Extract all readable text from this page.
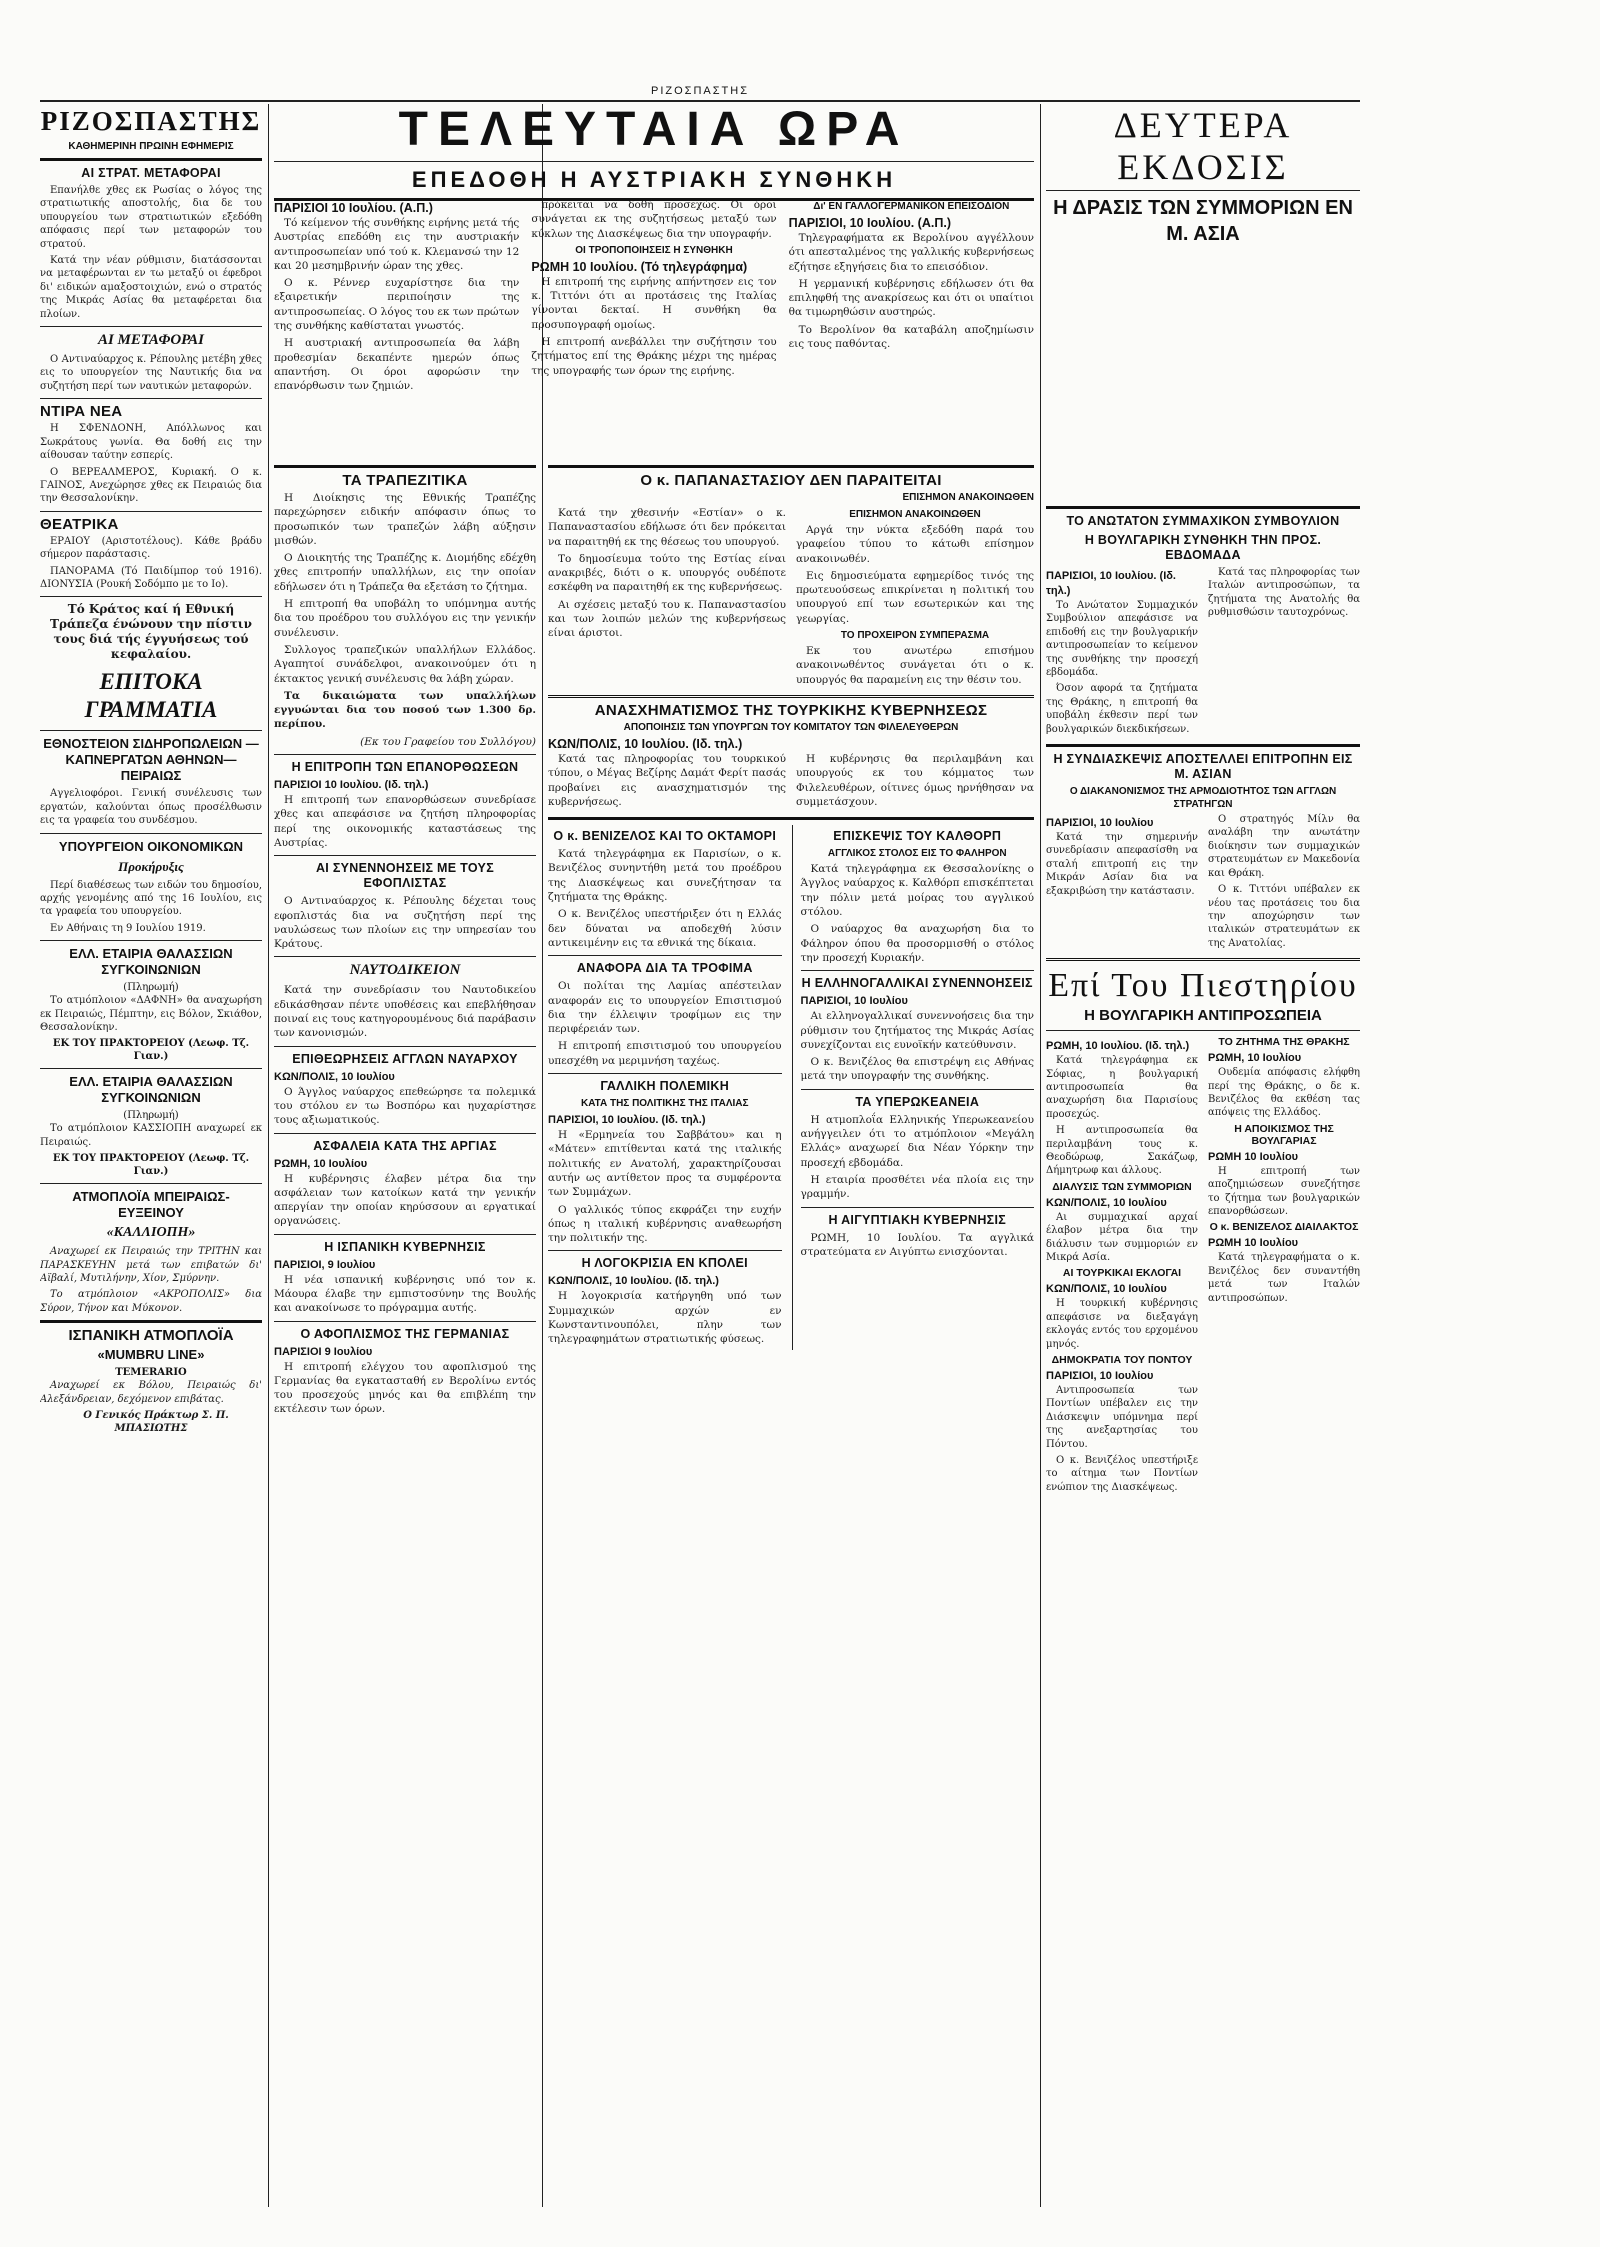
ΡΙΖΟΣΠΑΣΤΗΣ
ΡΙΖΟΣΠΑΣΤΗΣ
ΚΑΘΗΜΕΡΙΝΗ ΠΡΩΙΝΗ ΕΦΗΜΕΡΙΣ
ΑΙ ΣΤΡΑΤ. ΜΕΤΑΦΟΡΑΙ

Επανήλθε χθες εκ Ρωσίας ο λόγος της στρατιωτικής αποστολής, δια δε του υπουργείου των στρατιωτικών εξεδόθη απόφασις περί των μεταφορών του στρατού.

Κατά την νέαν ρύθμισιν, διατάσσονται να μεταφέρωνται εν τω μεταξύ οι έφεδροι δι' ειδικών αμαξοστοιχιών, ενώ ο στρατός της Μικράς Ασίας θα μεταφέρεται δια πλοίων.

ΑΙ ΜΕΤΑΦΟΡΑΙ

Ο Αντιναύαρχος κ. Ρέπουλης μετέβη χθες εις το υπουργείον της Ναυτικής δια να συζητήση περί των ναυτικών μεταφορών.

ΝΤΙΡΑ ΝΕΑ

Η ΣΦΕΝΔΟΝΗ, Απόλλωνος και Σωκράτους γωνία. Θα δοθή εις την αίθουσαν ταύτην εσπερίς.

Ο ΒΕΡΕΑΛΜΕΡΟΣ, Κυριακή. Ο κ. ΓΑΙΝΟΣ, Ανεχώρησε χθες εκ Πειραιώς δια την Θεσσαλονίκην.

ΘΕΑΤΡΙΚΑ

ΕΡΑΙΟΥ (Αριστοτέλους). Κάθε βράδυ σήμερον παράστασις.

ΠΑΝΟΡΑΜΑ (Τό Παιδίμπορ τού 1916). ΔΙΟΝΥΣΙΑ (Ρουκή Σοδόμπο με το Ιο).

Τό Κράτος καί ή Εθνική Τράπεζα ένώνουν την πίστιν τους διά τής έγγυήσεως τού κεφαλαίου.

ΕΠΙΤΟΚΑ ΓΡΑΜΜΑΤΙΑ
ΕΘΝΟΣΤΕΙΟΝ ΣΙΔΗΡΟΠΩΛΕΙΩΝ — ΚΑΠΝΕΡΓΑΤΩΝ ΑΘΗΝΩΝ—ΠΕΙΡΑΙΩΣ

Αγγελιοφόροι. Γενική συνέλευσις των εργατών, καλούνται όπως προσέλθωσιν εις τα γραφεία του συνδέσμου.

ΥΠΟΥΡΓΕΙΟΝ ΟΙΚΟΝΟΜΙΚΩΝ
Προκήρυξις

Περί διαθέσεως των ειδών του δημοσίου, αρχής γενομένης από της 16 Ιουλίου, εις τα γραφεία του υπουργείου.

Εν Αθήναις τη 9 Ιουλίου 1919.

ΕΛΛ. ΕΤΑΙΡΙΑ ΘΑΛΑΣΣΙΩΝ ΣΥΓΚΟΙΝΩΝΙΩΝ
(Πληρωμή)

Το ατμόπλοιον «ΔΑΦΝΗ» θα αναχωρήση εκ Πειραιώς, Πέμπτην, εις Βόλον, Σκιάθον, Θεσσαλονίκην.

ΕΚ ΤΟΥ ΠΡΑΚΤΟΡΕΙΟΥ (Λεωφ. Τζ. Γιαν.)
ΕΛΛ. ΕΤΑΙΡΙΑ ΘΑΛΑΣΣΙΩΝ ΣΥΓΚΟΙΝΩΝΙΩΝ
(Πληρωμή)

Το ατμόπλοιον ΚΑΣΣΙΟΠΗ αναχωρεί εκ Πειραιώς.

ΕΚ ΤΟΥ ΠΡΑΚΤΟΡΕΙΟΥ (Λεωφ. Τζ. Γιαν.)
ΑΤΜΟΠΛΟΪΑ ΜΠΕΙΡΑΙΩΣ-ΕΥΞΕΙΝΟΥ
«ΚΑΛΛΙΟΠΗ»

Αναχωρεί εκ Πειραιώς την ΤΡΙΤΗΝ και ΠΑΡΑΣΚΕΥΗΝ μετά των επιβατών δι' Αϊβαλί, Μυτιλήνην, Χίον, Σμύρνην.

Το ατμόπλοιον «ΑΚΡΟΠΟΛΙΣ» δια Σύρον, Τήνον και Μύκονον.

ΙΣΠΑΝΙΚΗ ΑΤΜΟΠΛΟΪΑ
«MUMBRU LINE»
TEMERARIO

Αναχωρεί εκ Βόλου, Πειραιώς δι' Αλεξάνδρειαν, δεχόμενον επιβάτας.

Ο Γενικός Πράκτωρ Σ. Π. ΜΠΑΣΙΩΤΗΣ

ΤΕΛΕΥΤΑΙΑ ΩΡΑ
ΕΠΕΔΟΘΗ Η ΑΥΣΤΡΙΑΚΗ ΣΥΝΘΗΚΗ
ΠΑΡΙΣΙΟΙ 10 Ιουλίου. (Α.Π.)

Τό κείμενον τής συνθήκης ειρήνης μετά τής Αυστρίας επεδόθη εις την αυστριακήν αντιπροσωπείαν υπό τού κ. Κλεμανσώ την 12 και 20 μεσημβρινήν ώραν της χθες.

Ο κ. Ρέννερ ευχαρίστησε δια την εξαιρετικήν περιποίησιν της αντιπροσωπείας. Ο λόγος του εκ των πρώτων της συνθήκης καθίσταται γνωστός.

Η αυστριακή αντιπροσωπεία θα λάβη προθεσμίαν δεκαπέντε ημερών όπως απαντήση. Οι όροι αφορώσιν την επανόρθωσιν των ζημιών.

πρόκειται να δοθή προσεχώς. Οι όροι συνάγεται εκ της συζητήσεως μεταξύ των κύκλων της Διασκέψεως δια την υπογραφήν.

ΟΙ ΤΡΟΠΟΠΟΙΗΣΕΙΣ Η ΣΥΝΘΗΚΗ
ΡΩΜΗ 10 Ιουλίου. (Τό τηλεγράφημα)

Η επιτροπή της ειρήνης απήντησεν εις τον κ. Τιττόνι ότι αι προτάσεις της Ιταλίας γίνονται δεκταί. Η συνθήκη θα προσυπογραφή ομοίως.

Η επιτροπή ανεβάλλει την συζήτησιν του ζητήματος επί της Θράκης μέχρι της ημέρας της υπογραφής των όρων της ειρήνης.

Δι' ΕΝ ΓΑΛΛΟΓΕΡΜΑΝΙΚΟΝ ΕΠΕΙΣΟΔΙΟΝ
ΠΑΡΙΣΙΟΙ, 10 Ιουλίου. (Α.Π.)

Τηλεγραφήματα εκ Βερολίνου αγγέλλουν ότι απεσταλμένος της γαλλικής κυβερνήσεως εζήτησε εξηγήσεις δια το επεισόδιον.

Η γερμανική κυβέρνησις εδήλωσεν ότι θα επιληφθή της ανακρίσεως και ότι οι υπαίτιοι θα τιμωρηθώσιν αυστηρώς.

Το Βερολίνον θα καταβάλη αποζημίωσιν εις τους παθόντας.

ΤΑ ΤΡΑΠΕΖΙΤΙΚΑ

Η Διοίκησις της Εθνικής Τραπέζης παρεχώρησεν ειδικήν απόφασιν όπως το προσωπικόν των τραπεζών λάβη αύξησιν μισθών.

Ο Διοικητής της Τραπέζης κ. Διομήδης εδέχθη χθες επιτροπήν υπαλλήλων, εις την οποίαν εδήλωσεν ότι η Τράπεζα θα εξετάση το ζήτημα.

Η επιτροπή θα υποβάλη το υπόμνημα αυτής δια του προέδρου του συλλόγου εις την γενικήν συνέλευσιν.

Συλλογος τραπεζικών υπαλλήλων Ελλάδος. Αγαπητοί συνάδελφοι, ανακοινούμεν ότι η έκτακτος γενική συνέλευσις θα λάβη χώραν.

Τα δικαιώματα των υπαλλήλων εγγυώνται δια του ποσού των 1.300 δρ. περίπου.

(Εκ του Γραφείου του Συλλόγου)

Η ΕΠΙΤΡΟΠΗ ΤΩΝ ΕΠΑΝΟΡΘΩΣΕΩΝ
ΠΑΡΙΣΙΟΙ 10 Ιουλίου. (Ιδ. τηλ.)

Η επιτροπή των επανορθώσεων συνεδρίασε χθες και απεφάσισε να ζητήση πληροφορίας περί της οικονομικής καταστάσεως της Αυστρίας.

ΑΙ ΣΥΝΕΝΝΟΗΣΕΙΣ ΜΕ ΤΟΥΣ ΕΦΟΠΛΙΣΤΑΣ

Ο Αντιναύαρχος κ. Ρέπουλης δέχεται τους εφοπλιστάς δια να συζητήση περί της ναυλώσεως των πλοίων εις την υπηρεσίαν του Κράτους.

ΝΑΥΤΟΔΙΚΕΙΟΝ

Κατά την συνεδρίασιν του Ναυτοδικείου εδικάσθησαν πέντε υποθέσεις και επεβλήθησαν ποιναί εις τους κατηγορουμένους διά παράβασιν των κανονισμών.

ΕΠΙΘΕΩΡΗΣΕΙΣ ΑΓΓΛΩΝ ΝΑΥΑΡΧΟΥ
ΚΩΝ/ΠΟΛΙΣ, 10 Ιουλίου

Ο Άγγλος ναύαρχος επεθεώρησε τα πολεμικά του στόλου εν τω Βοσπόρω και ηυχαρίστησε τους αξιωματικούς.

ΑΣΦΑΛΕΙΑ ΚΑΤΑ ΤΗΣ ΑΡΓΙΑΣ
ΡΩΜΗ, 10 Ιουλίου

Η κυβέρνησις έλαβεν μέτρα δια την ασφάλειαν των κατοίκων κατά την γενικήν απεργίαν την οποίαν κηρύσσουν αι εργατικαί οργανώσεις.

Η ΙΣΠΑΝΙΚΗ ΚΥΒΕΡΝΗΣΙΣ
ΠΑΡΙΣΙΟΙ, 9 Ιουλίου

Η νέα ισπανική κυβέρνησις υπό τον κ. Μάουρα έλαβε την εμπιστοσύνην της Βουλής και ανακοίνωσε το πρόγραμμα αυτής.

Ο ΑΦΟΠΛΙΣΜΟΣ ΤΗΣ ΓΕΡΜΑΝΙΑΣ
ΠΑΡΙΣΙΟΙ 9 Ιουλίου

Η επιτροπή ελέγχου του αφοπλισμού της Γερμανίας θα εγκατασταθή εν Βερολίνω εντός του προσεχούς μηνός και θα επιβλέπη την εκτέλεσιν των όρων.

Ο κ. ΠΑΠΑΝΑΣΤΑΣΙΟΥ ΔΕΝ ΠΑΡΑΙΤΕΙΤΑΙ
ΕΠΙΣΗΜΟΝ ΑΝΑΚΟΙΝΩΘΕΝ

Κατά την χθεσινήν «Εστίαν» ο κ. Παπαναστασίου εδήλωσε ότι δεν πρόκειται να παραιτηθή εκ της θέσεως του υπουργού.

Το δημοσίευμα τούτο της Εστίας είναι ανακριβές, διότι ο κ. υπουργός ουδέποτε εσκέφθη να παραιτηθή εκ της κυβερνήσεως.

Αι σχέσεις μεταξύ του κ. Παπαναστασίου και των λοιπών μελών της κυβερνήσεως είναι άριστοι.

ΕΠΙΣΗΜΟΝ ΑΝΑΚΟΙΝΩΘΕΝ

Αργά την νύκτα εξεδόθη παρά του γραφείου τύπου το κάτωθι επίσημον ανακοινωθέν.

Εις δημοσιεύματα εφημερίδος τινός της πρωτευούσεως επικρίνεται η πολιτική του υπουργού επί των εσωτερικών και της γεωργίας.

ΤΟ ΠΡΟΧΕΙΡΟΝ ΣΥΜΠΕΡΑΣΜΑ

Εκ του ανωτέρω επισήμου ανακοινωθέντος συνάγεται ότι ο κ. υπουργός θα παραμείνη εις την θέσιν του.

ΑΝΑΣΧΗΜΑΤΙΣΜΟΣ ΤΗΣ ΤΟΥΡΚΙΚΗΣ ΚΥΒΕΡΝΗΣΕΩΣ
ΑΠΟΠΟΙΗΣΙΣ ΤΩΝ ΥΠΟΥΡΓΩΝ ΤΟΥ ΚΟΜΙΤΑΤΟΥ ΤΩΝ ΦΙΛΕΛΕΥΘΕΡΩΝ
ΚΩΝ/ΠΟΛΙΣ, 10 Ιουλίου. (Ιδ. τηλ.)

Κατά τας πληροφορίας του τουρκικού τύπου, ο Μέγας Βεζίρης Δαμάτ Φερίτ πασάς προβαίνει εις ανασχηματισμόν της κυβερνήσεως.

Η κυβέρνησις θα περιλαμβάνη και υπουργούς εκ του κόμματος των Φιλελευθέρων, οίτινες όμως ηρνήθησαν να συμμετάσχουν.

Ο κ. ΒΕΝΙΖΕΛΟΣ ΚΑΙ ΤΟ ΟΚΤΑΜΟΡΙ

Κατά τηλεγράφημα εκ Παρισίων, ο κ. Βενιζέλος συνηντήθη μετά του προέδρου της Διασκέψεως και συνεζήτησαν τα ζητήματα της Θράκης.

Ο κ. Βενιζέλος υπεστήριξεν ότι η Ελλάς δεν δύναται να αποδεχθή λύσιν αντικειμένην εις τα εθνικά της δίκαια.

ΑΝΑΦΟΡΑ ΔΙΑ ΤΑ ΤΡΟΦΙΜΑ

Οι πολίται της Λαμίας απέστειλαν αναφοράν εις το υπουργείον Επισιτισμού δια την έλλειψιν τροφίμων εις την περιφέρειάν των.

Η επιτροπή επισιτισμού του υπουργείου υπεσχέθη να μεριμνήση ταχέως.

ΓΑΛΛΙΚΗ ΠΟΛΕΜΙΚΗ
ΚΑΤΑ ΤΗΣ ΠΟΛΙΤΙΚΗΣ ΤΗΣ ΙΤΑΛΙΑΣ
ΠΑΡΙΣΙΟΙ, 10 Ιουλίου. (Ιδ. τηλ.)

Η «Ερμηνεία του Σαββάτου» και η «Μάτεν» επιτίθενται κατά της ιταλικής πολιτικής εν Ανατολή, χαρακτηρίζουσαι αυτήν ως αντίθετον προς τα συμφέροντα των Συμμάχων.

Ο γαλλικός τύπος εκφράζει την ευχήν όπως η ιταλική κυβέρνησις αναθεωρήση την πολιτικήν της.

Η ΛΟΓΟΚΡΙΣΙΑ ΕΝ ΚΠΟΛΕΙ
ΚΩΝ/ΠΟΛΙΣ, 10 Ιουλίου. (Ιδ. τηλ.)

Η λογοκρισία κατήργηθη υπό των Συμμαχικών αρχών εν Κωνσταντινουπόλει, πλην των τηλεγραφημάτων στρατιωτικής φύσεως.

ΕΠΙΣΚΕΨΙΣ ΤΟΥ ΚΑΛΘΟΡΠ
ΑΓΓΛΙΚΟΣ ΣΤΟΛΟΣ ΕΙΣ ΤΟ ΦΑΛΗΡΟΝ

Κατά τηλεγράφημα εκ Θεσσαλονίκης ο Άγγλος ναύαρχος κ. Καλθόρπ επισκέπτεται την πόλιν μετά μοίρας του αγγλικού στόλου.

Ο ναύαρχος θα αναχωρήση δια το Φάληρον όπου θα προσορμισθή ο στόλος την προσεχή Κυριακήν.

Η ΕΛΛΗΝΟΓΑΛΛΙΚΑΙ ΣΥΝΕΝΝΟΗΣΕΙΣ
ΠΑΡΙΣΙΟΙ, 10 Ιουλίου

Αι ελληνογαλλικαί συνεννοήσεις δια την ρύθμισιν του ζητήματος της Μικράς Ασίας συνεχίζονται εις ευνοϊκήν κατεύθυνσιν.

Ο κ. Βενιζέλος θα επιστρέψη εις Αθήνας μετά την υπογραφήν της συνθήκης.

ΤΑ ΥΠΕΡΩΚΕΑΝΕΙΑ

Η ατμοπλοΐα Ελληνικής Υπερωκεανείου ανήγγειλεν ότι το ατμόπλοιον «Μεγάλη Ελλάς» αναχωρεί δια Νέαν Υόρκην την προσεχή εβδομάδα.

Η εταιρία προσθέτει νέα πλοία εις την γραμμήν.

Η ΑΙΓΥΠΤΙΑΚΗ ΚΥΒΕΡΝΗΣΙΣ

ΡΩΜΗ, 10 Ιουλίου. Τα αγγλικά στρατεύματα εν Αιγύπτω ενισχύονται.

ΔΕΥΤΕΡΑ ΕΚΔΟΣΙΣ
Η ΔΡΑΣΙΣ ΤΩΝ ΣΥΜΜΟΡΙΩΝ ΕΝ Μ. ΑΣΙΑ
ΤΟ ΑΝΩΤΑΤΟΝ ΣΥΜΜΑΧΙΚΟΝ ΣΥΜΒΟΥΛΙΟΝ
Η ΒΟΥΛΓΑΡΙΚΗ ΣΥΝΘΗΚΗ ΤΗΝ ΠΡΟΣ. ΕΒΔΟΜΑΔΑ
ΠΑΡΙΣΙΟΙ, 10 Ιουλίου. (Ιδ. τηλ.)

Το Ανώτατον Συμμαχικόν Συμβούλιον απεφάσισε να επιδοθή εις την βουλγαρικήν αντιπροσωπείαν το κείμενον της συνθήκης την προσεχή εβδομάδα.

Όσον αφορά τα ζητήματα της Θράκης, η επιτροπή θα υποβάλη έκθεσιν περί των βουλγαρικών διεκδικήσεων.

Κατά τας πληροφορίας των Ιταλών αντιπροσώπων, τα ζητήματα της Ανατολής θα ρυθμισθώσιν ταυτοχρόνως.

Η ΣΥΝΔΙΑΣΚΕΨΙΣ ΑΠΟΣΤΕΛΛΕΙ ΕΠΙΤΡΟΠΗΝ ΕΙΣ Μ. ΑΣΙΑΝ
Ο ΔΙΑΚΑΝΟΝΙΣΜΟΣ ΤΗΣ ΑΡΜΟΔΙΟΤΗΤΟΣ ΤΩΝ ΑΓΓΛΩΝ ΣΤΡΑΤΗΓΩΝ
ΠΑΡΙΣΙΟΙ, 10 Ιουλίου

Κατά την σημερινήν συνεδρίασιν απεφασίσθη να σταλή επιτροπή εις την Μικράν Ασίαν δια να εξακριβώση την κατάστασιν.

Ο στρατηγός Μίλν θα αναλάβη την ανωτάτην διοίκησιν των συμμαχικών στρατευμάτων εν Μακεδονία και Θράκη.

Ο κ. Τιττόνι υπέβαλεν εκ νέου τας προτάσεις του δια την αποχώρησιν των ιταλικών στρατευμάτων εκ της Ανατολίας.

Επί Του Πιεστηρίου
Η ΒΟΥΛΓΑΡΙΚΗ ΑΝΤΙΠΡΟΣΩΠΕΙΑ
ΡΩΜΗ, 10 Ιουλίου. (Ιδ. τηλ.)

Κατά τηλεγράφημα εκ Σόφιας, η βουλγαρική αντιπροσωπεία θα αναχωρήση δια Παρισίους προσεχώς.

Η αντιπροσωπεία θα περιλαμβάνη τους κ. Θεοδώρωφ, Σακάζωφ, Δήμητρωφ και άλλους.

ΔΙΑΛΥΣΙΣ ΤΩΝ ΣΥΜΜΟΡΙΩΝ
ΚΩΝ/ΠΟΛΙΣ, 10 Ιουλίου

Αι συμμαχικαί αρχαί έλαβον μέτρα δια την διάλυσιν των συμμοριών εν Μικρά Ασία.

ΑΙ ΤΟΥΡΚΙΚΑΙ ΕΚΛΟΓΑΙ
ΚΩΝ/ΠΟΛΙΣ, 10 Ιουλίου

Η τουρκική κυβέρνησις απεφάσισε να διεξαγάγη εκλογάς εντός του ερχομένου μηνός.

ΔΗΜΟΚΡΑΤΙΑ ΤΟΥ ΠΟΝΤΟΥ
ΠΑΡΙΣΙΟΙ, 10 Ιουλίου

Αντιπροσωπεία των Ποντίων υπέβαλεν εις την Διάσκεψιν υπόμνημα περί της ανεξαρτησίας του Πόντου.

Ο κ. Βενιζέλος υπεστήριξε το αίτημα των Ποντίων ενώπιον της Διασκέψεως.

ΤΟ ΖΗΤΗΜΑ ΤΗΣ ΘΡΑΚΗΣ
ΡΩΜΗ, 10 Ιουλίου

Ουδεμία απόφασις ελήφθη περί της Θράκης, ο δε κ. Βενιζέλος θα εκθέση τας απόψεις της Ελλάδος.

Η ΑΠΟΙΚΙΣΜΟΣ ΤΗΣ ΒΟΥΛΓΑΡΙΑΣ
ΡΩΜΗ 10 Ιουλίου

Η επιτροπή των αποζημιώσεων συνεζήτησε το ζήτημα των βουλγαρικών επανορθώσεων.

Ο κ. ΒΕΝΙΖΕΛΟΣ ΔΙΑΙΛΑΚΤΟΣ
ΡΩΜΗ 10 Ιουλίου

Κατά τηλεγραφήματα ο κ. Βενιζέλος δεν συναντήθη μετά των Ιταλών αντιπροσώπων.
